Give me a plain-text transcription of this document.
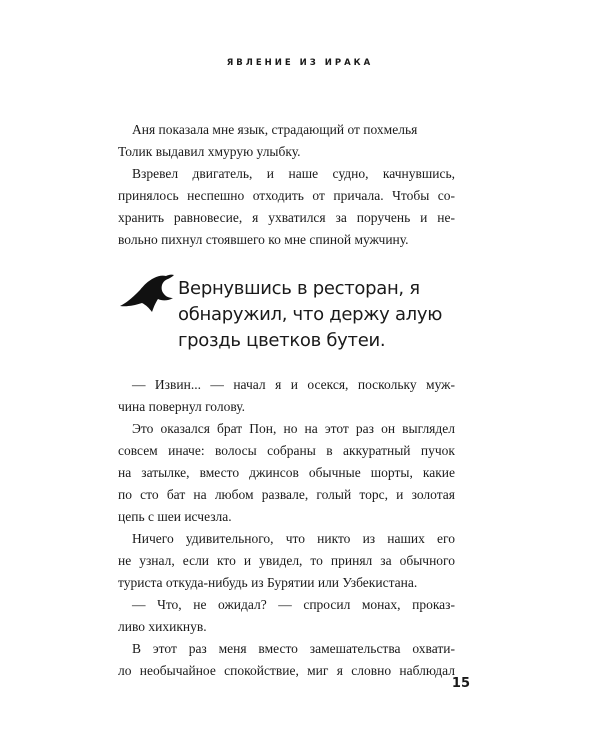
ЯВЛЕНИЕ ИЗ ИРАКА
Аня показала мне язык, страдающий от похмелья
Толик выдавил хмурую улыбку.
Взревел двигатель, и наше судно, качнувшись,
принялось неспешно отходить от причала. Чтобы со-
хранить равновесие, я ухватился за поручень и не-
вольно пихнул стоявшего ко мне спиной мужчину.
Вернувшись в ресторан, я
обнаружил, что держу алую
гроздь цветков бутеи.
— Извин... — начал я и осекся, поскольку муж-
чина повернул голову.
Это оказался брат Пон, но на этот раз он выглядел
совсем иначе: волосы собраны в аккуратный пучок
на затылке, вместо джинсов обычные шорты, какие
по сто бат на любом развале, голый торс, и золотая
цепь с шеи исчезла.
Ничего удивительного, что никто из наших его
не узнал, если кто и увидел, то принял за обычного
туриста откуда-нибудь из Бурятии или Узбекистана.
— Что, не ожидал? — спросил монах, проказ-
ливо хихикнув.
В этот раз меня вместо замешательства охвати-
ло необычайное спокойствие, миг я словно наблюдал
15
